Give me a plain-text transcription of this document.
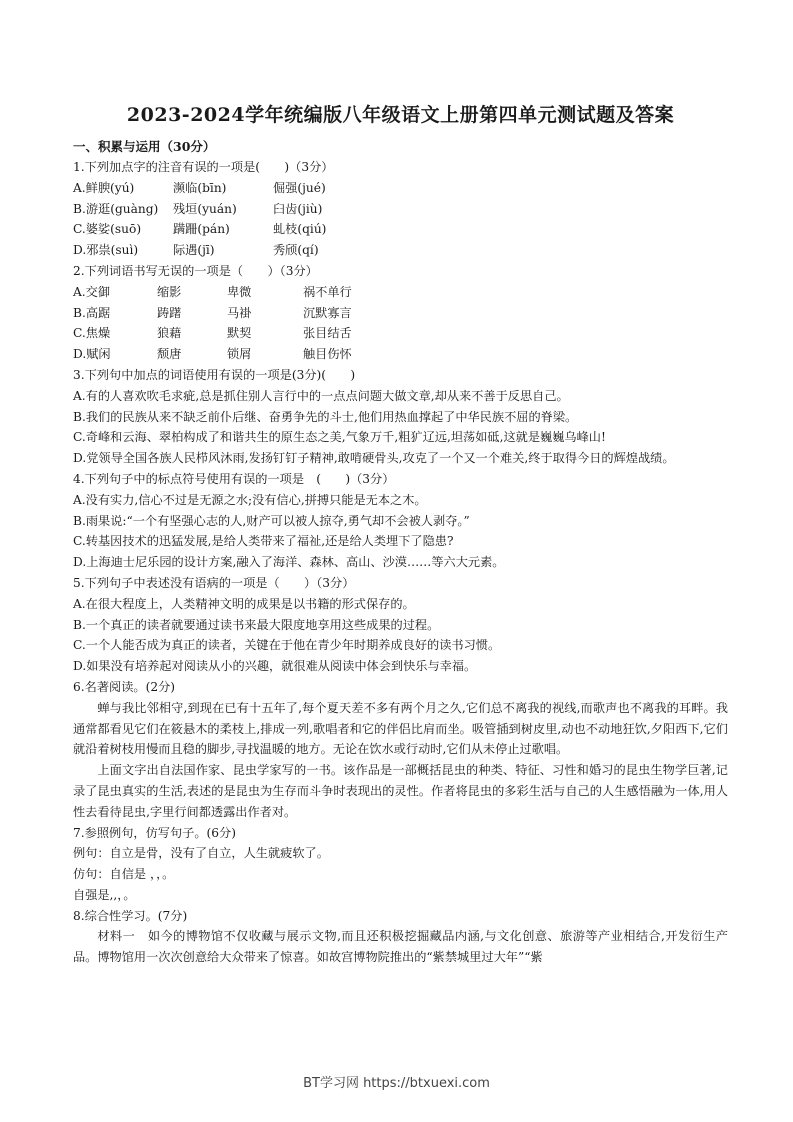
2023-2024学年统编版八年级语文上册第四单元测试题及答案
一、积累与运用（30分）
1.下列加点字的注音有误的一项是(　　)（3分）
A.鲜腴(yú)	濒临(bīn)	倔强(jué)
B.游逛(guàng)	残垣(yuán)	臼齿(jiù)
C.婆娑(suō)	蹒跚(pán)	虬枝(qiú)
D.邪祟(suì)	际遇(jī)	秀颀(qí)
2.下列词语书写无误的一项是（　　）（3分）
A.交御	缩影	卑微	祸不单行
B.高踞	踌躇	马褂	沉默寡言
C.焦燥	狼藉	默契	张目结舌
D.赋闲	颓唐	锁屑	触目伤怀
3.下列句中加点的词语使用有误的一项是(3分)(　　)
A.有的人喜欢吹毛求疵,总是抓住别人言行中的一点点问题大做文章,却从来不善于反思自己。
B.我们的民族从来不缺乏前仆后继、奋勇争先的斗士,他们用热血撑起了中华民族不屈的脊梁。
C.奇峰和云海、翠柏构成了和谐共生的原生态之美,气象万千,粗犷辽远,坦荡如砥,这就是巍巍乌峰山!
D.党领导全国各族人民栉风沐雨,发扬钉钉子精神,敢啃硬骨头,攻克了一个又一个难关,终于取得今日的辉煌战绩。
4.下列句子中的标点符号使用有误的一项是　(　　)（3分）
A.没有实力,信心不过是无源之水;没有信心,拼搏只能是无本之木。
B.雨果说:“一个有坚强心志的人,财产可以被人掠夺,勇气却不会被人剥夺。”
C.转基因技术的迅猛发展,是给人类带来了福祉,还是给人类埋下了隐患?
D.上海迪士尼乐园的设计方案,融入了海洋、森林、高山、沙漠……等六大元素。
5.下列句子中表述没有语病的一项是（　　）（3分）
A.在很大程度上，人类精神文明的成果是以书籍的形式保存的。
B.一个真正的读者就要通过读书来最大限度地享用这些成果的过程。
C.一个人能否成为真正的读者，关键在于他在青少年时期养成良好的读书习惯。
D.如果没有培养起对阅读从小的兴趣，就很难从阅读中体会到快乐与幸福。
6.名著阅读。(2分)
蝉与我比邻相守,到现在已有十五年了,每个夏天差不多有两个月之久,它们总不离我的视线,而歌声也不离我的耳畔。我通常都看见它们在筱悬木的柔枝上,排成一列,歌唱者和它的伴侣比肩而坐。吸管插到树皮里,动也不动地狂饮,夕阳西下,它们就沿着树枝用慢而且稳的脚步,寻找温暖的地方。无论在饮水或行动时,它们从未停止过歌唱。
上面文字出自法国作家、昆虫学家写的一书。该作品是一部概括昆虫的种类、特征、习性和婚习的昆虫生物学巨著,记录了昆虫真实的生活,表述的是昆虫为生存而斗争时表现出的灵性。作者将昆虫的多彩生活与自己的人生感悟融为一体,用人性去看待昆虫,字里行间都透露出作者对。
7.参照例句，仿写句子。(6分)
例句：自立是骨，没有了自立，人生就疲软了。
仿句：自信是 ，，。
自强是,,，。
8.综合性学习。(7分)
材料一　如今的博物馆不仅收藏与展示文物,而且还积极挖掘藏品内涵,与文化创意、旅游等产业相结合,开发衍生产品。博物馆用一次次创意给大众带来了惊喜。如故宫博物院推出的“紫禁城里过大年”“紫
BT学习网 https://btxuexi.com
